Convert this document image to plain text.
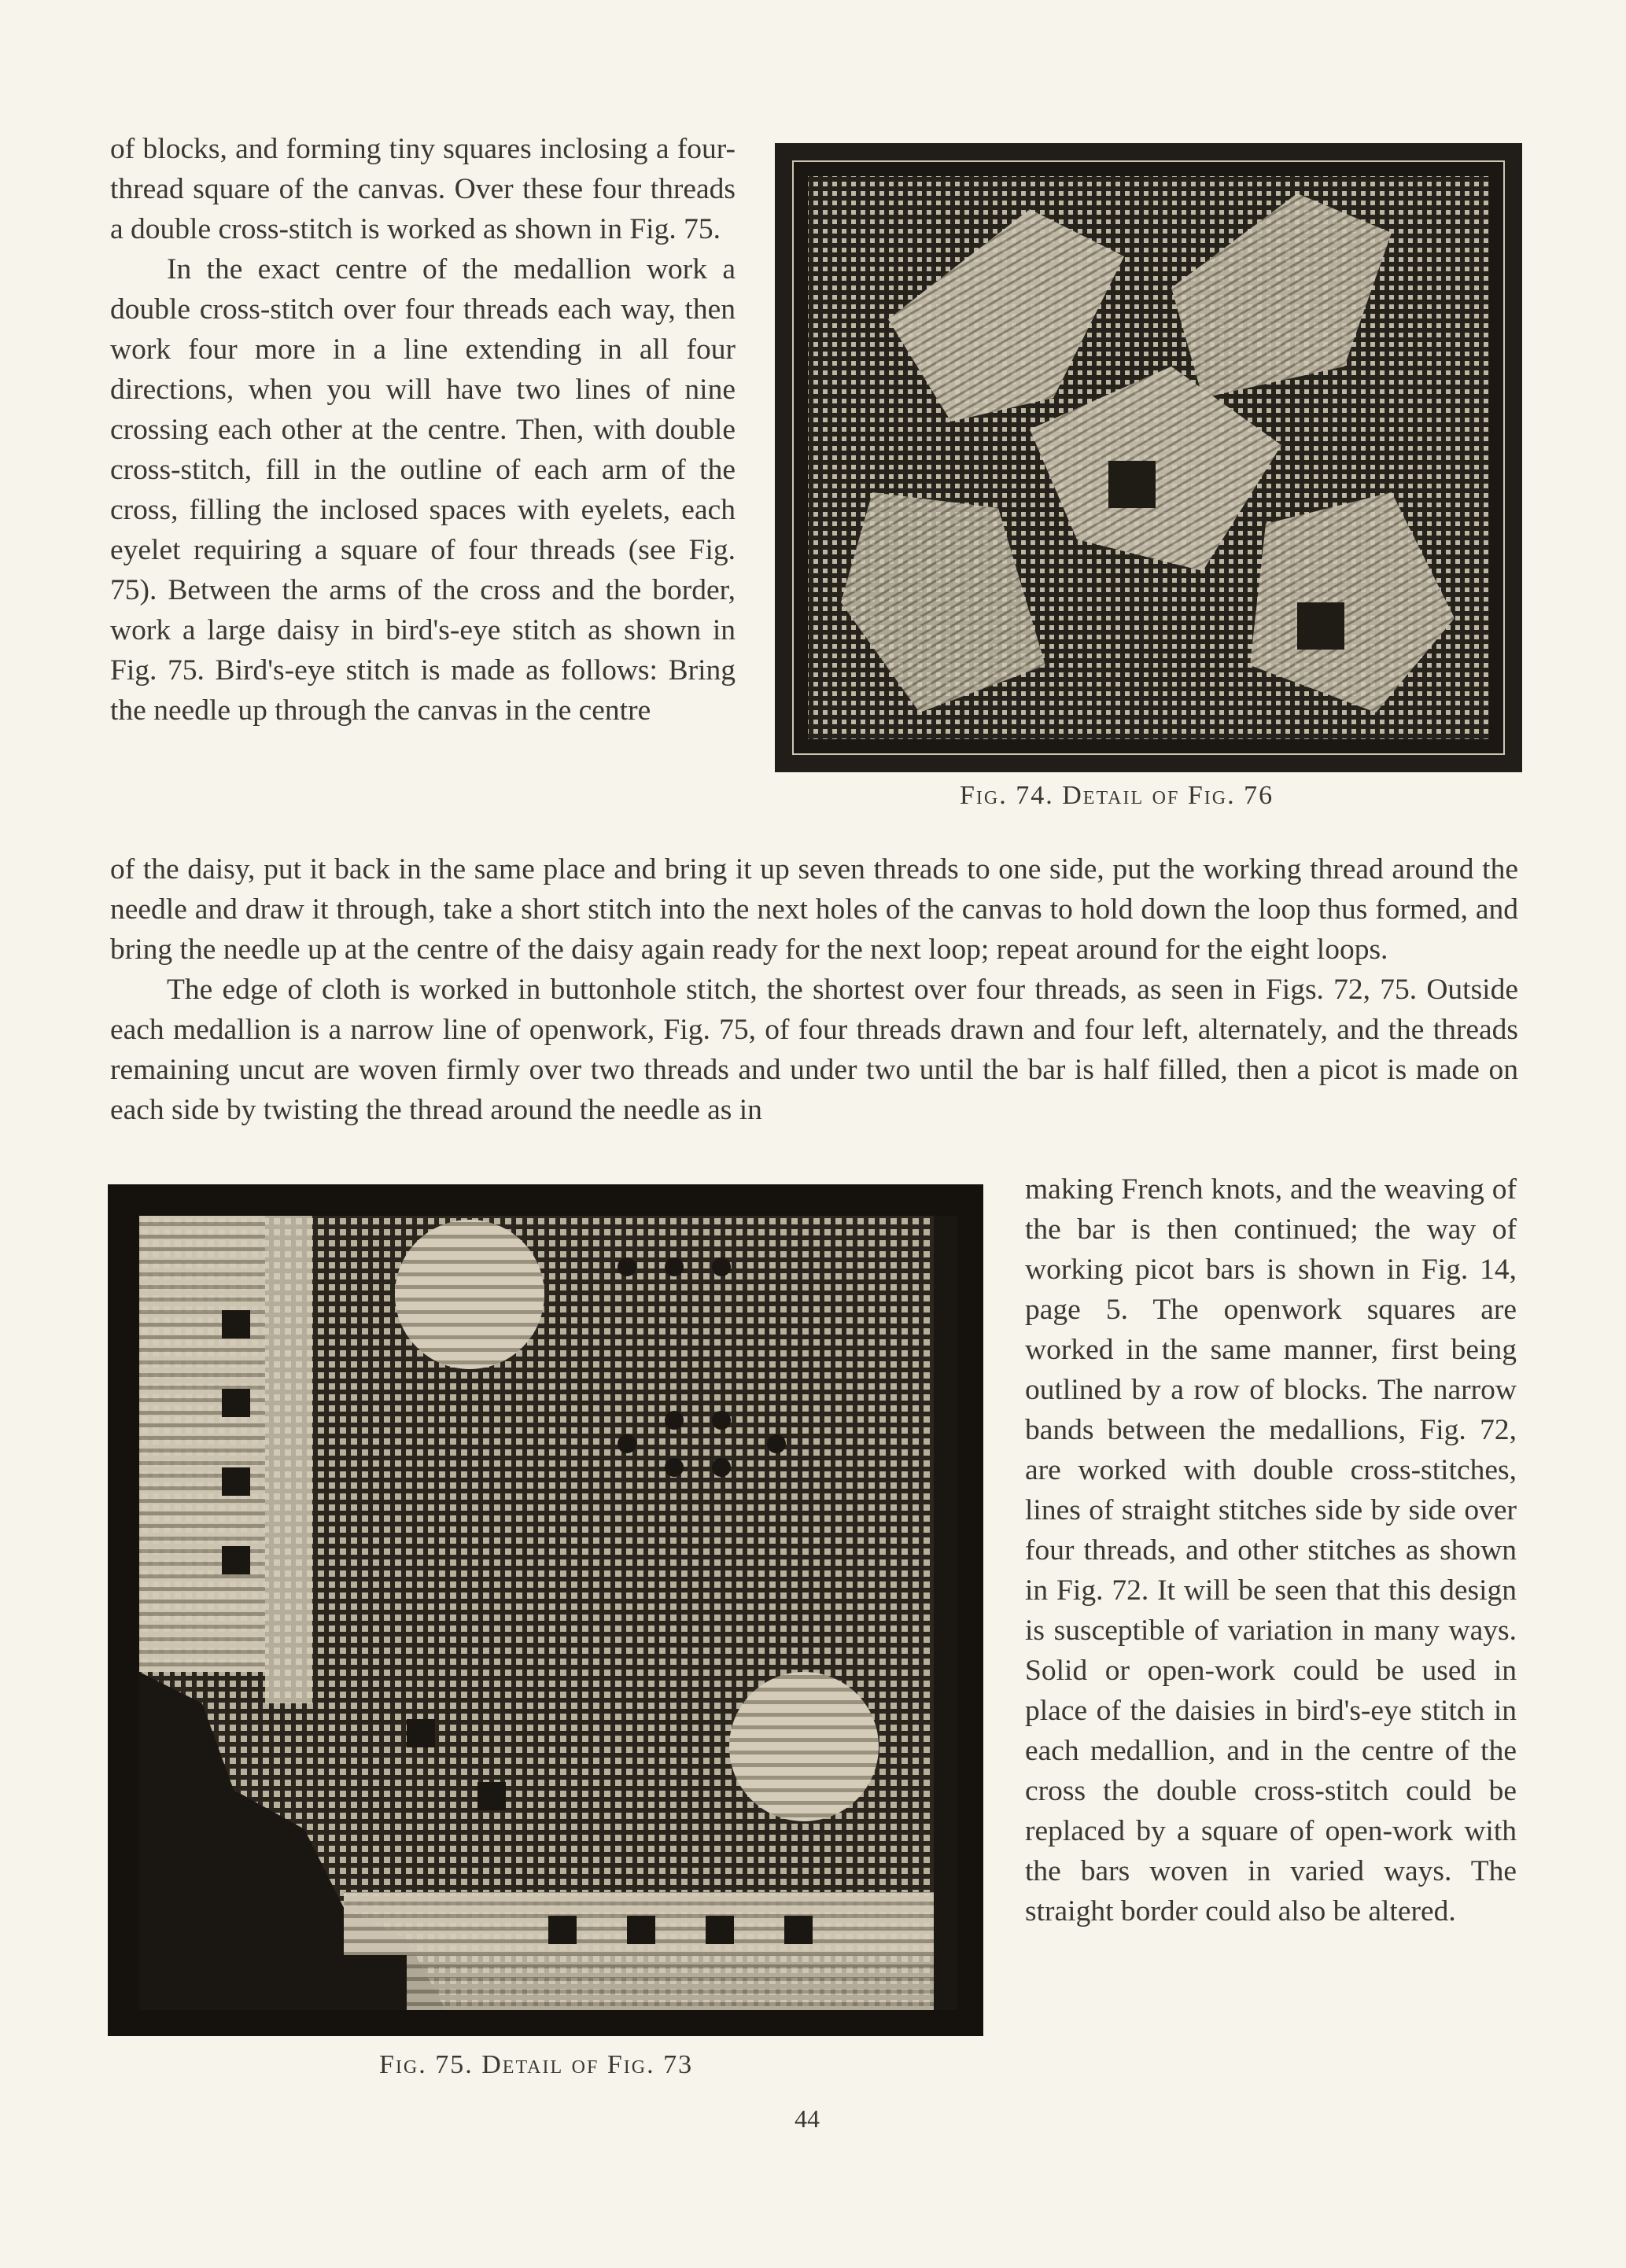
of blocks, and forming tiny squares inclosing a four-thread square of the canvas. Over these four threads a double cross-stitch is worked as shown in Fig. 75.

In the exact centre of the medallion work a double cross-stitch over four threads each way, then work four more in a line extending in all four directions, when you will have two lines of nine crossing each other at the centre. Then, with double cross-stitch, fill in the outline of each arm of the cross, filling the inclosed spaces with eyelets, each eyelet requiring a square of four threads (see Fig. 75). Between the arms of the cross and the border, work a large daisy in bird's-eye stitch as shown in Fig. 75. Bird's-eye stitch is made as follows: Bring the needle up through the canvas in the centre

Fig. 74. Detail of Fig. 76

of the daisy, put it back in the same place and bring it up seven threads to one side, put the working thread around the needle and draw it through, take a short stitch into the next holes of the canvas to hold down the loop thus formed, and bring the needle up at the centre of the daisy again ready for the next loop; repeat around for the eight loops.

The edge of cloth is worked in buttonhole stitch, the shortest over four threads, as seen in Figs. 72, 75. Outside each medallion is a narrow line of openwork, Fig. 75, of four threads drawn and four left, alternately, and the threads remaining uncut are woven firmly over two threads and under two until the bar is half filled, then a picot is made on each side by twisting the thread around the needle as in

Fig. 75. Detail of Fig. 73

making French knots, and the weaving of the bar is then continued; the way of working picot bars is shown in Fig. 14, page 5. The openwork squares are worked in the same manner, first being outlined by a row of blocks. The narrow bands between the medallions, Fig. 72, are worked with double cross-stitches, lines of straight stitches side by side over four threads, and other stitches as shown in Fig. 72. It will be seen that this design is susceptible of variation in many ways. Solid or open-work could be used in place of the daisies in bird's-eye stitch in each medallion, and in the centre of the cross the double cross-stitch could be replaced by a square of open-work with the bars woven in varied ways. The straight border could also be altered.

44
